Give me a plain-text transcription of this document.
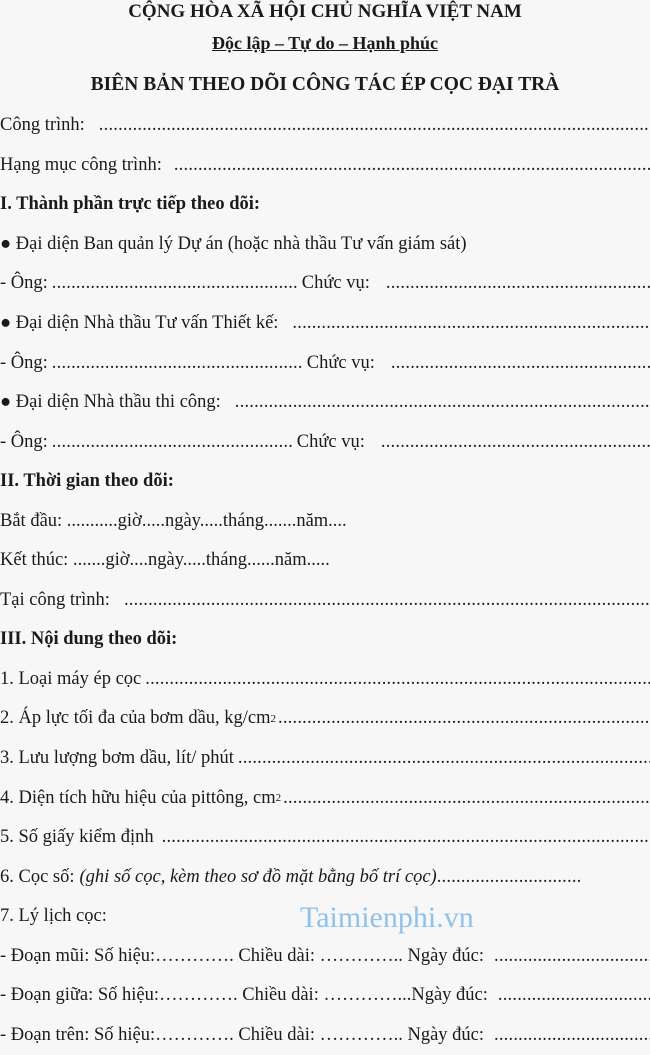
CỘNG HÒA XÃ HỘI CHỦ NGHĨA VIỆT NAM
Độc lập – Tự do – Hạnh phúc
BIÊN BẢN THEO DÕI CÔNG TÁC ÉP CỌC ĐẠI TRÀ
Công trình:
.....
Hạng mục công trình:
.....
I. Thành phần trực tiếp theo dõi:
● Đại diện Ban quản lý Dự án (hoặc nhà thầu Tư vấn giám sát)
- Ông: .....	Chức vụ:
.....
● Đại diện Nhà thầu Tư vấn Thiết kế:
.....
- Ông: .....	Chức vụ:
.....
● Đại diện Nhà thầu thi công:
.....
- Ông: .....	Chức vụ:
.....
II. Thời gian theo dõi:
Bắt đầu: ...........giờ.....ngày.....tháng.......năm....
Kết thúc: .......giờ....ngày.....tháng......năm.....
Tại công trình:
.....
III. Nội dung theo dõi:
1. Loại máy ép cọc
.....
2. Áp lực tối đa của bơm dầu, kg/cm 2
.....
3. Lưu lượng bơm dầu, lít/ phút
.....
4. Diện tích hữu hiệu của pittông, cm 2
.....
5. Số giấy kiểm định
.....
6. Cọc số: (ghi số cọc, kèm theo sơ đồ mặt bằng bố trí cọc)
.....
7. Lý lịch cọc:
- Đoạn mũi: Số hiệu:…………. Chiều dài: ………….. Ngày đúc:
.....
- Đoạn giữa: Số hiệu:…………. Chiều dài: …………...Ngày đúc:
.....
- Đoạn trên: Số hiệu:…………. Chiều dài: ………….. Ngày đúc:
.....
Taimienphi.vn
